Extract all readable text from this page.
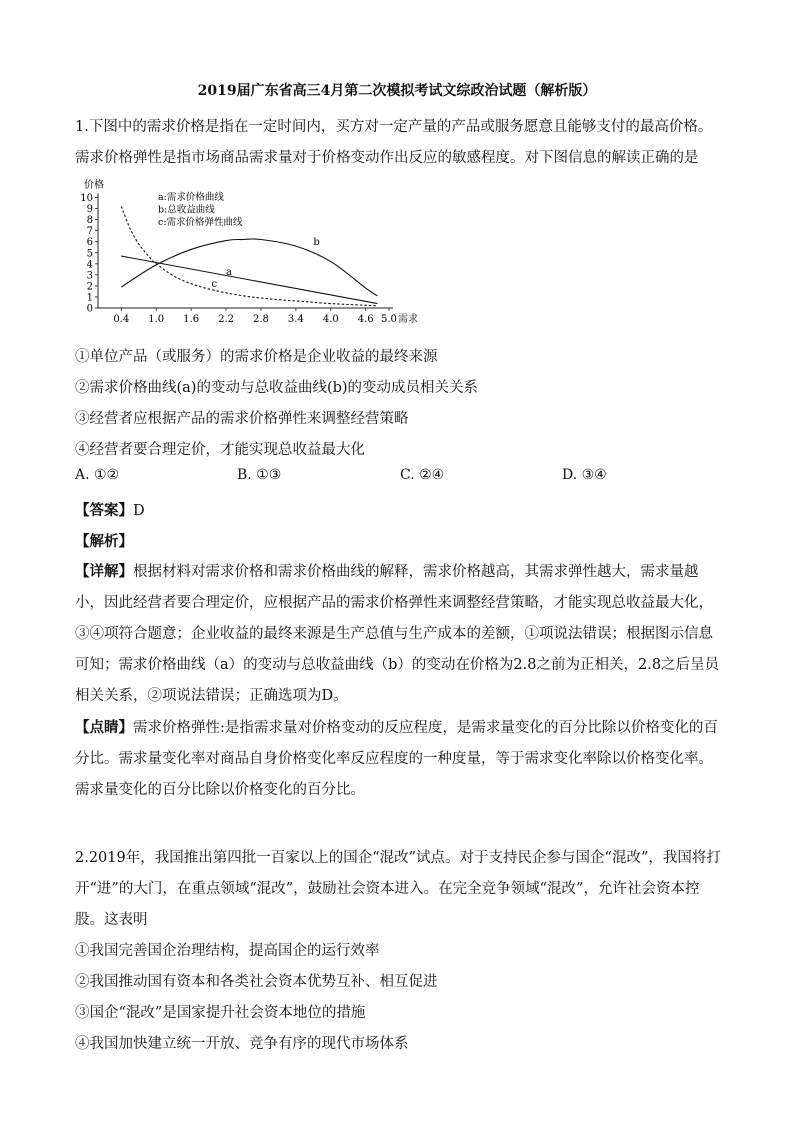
2019届广东省高三4月第二次模拟考试文综政治试题（解析版）
1.下图中的需求价格是指在一定时间内，买方对一定产量的产品或服务愿意且能够支付的最高价格。需求价格弹性是指市场商品需求量对于价格变动作出反应的敏感程度。对下图信息的解读正确的是
价格
0
1
2
3
4
5
6
7
8
9
10
0.4 1.0 1.6 2.2 2.8 3.4 4.0 4.6 5.0 需求
a
b
c
a:需求价格曲线
b:总收益曲线
c:需求价格弹性曲线
①单位产品（或服务）的需求价格是企业收益的最终来源
②需求价格曲线(a)的变动与总收益曲线(b)的变动成员相关关系
③经营者应根据产品的需求价格弹性来调整经营策略
④经营者要合理定价，才能实现总收益最大化
A. ①②	B. ①③	C. ②④	D. ③④
【答案】D
【解析】
【详解】根据材料对需求价格和需求价格曲线的解释，需求价格越高，其需求弹性越大，需求量越小，因此经营者要合理定价，应根据产品的需求价格弹性来调整经营策略，才能实现总收益最大化，③④项符合题意；企业收益的最终来源是生产总值与生产成本的差额，①项说法错误；根据图示信息可知；需求价格曲线（a）的变动与总收益曲线（b）的变动在价格为2.8之前为正相关，2.8之后呈员相关关系，②项说法错误；正确选项为D。
【点睛】需求价格弹性:是指需求量对价格变动的反应程度，是需求量变化的百分比除以价格变化的百分比。需求量变化率对商品自身价格变化率反应程度的一种度量，等于需求变化率除以价格变化率。需求量变化的百分比除以价格变化的百分比。
2.2019年，我国推出第四批一百家以上的国企“混改”试点。对于支持民企参与国企“混改”，我国将打开“进”的大门，在重点领域“混改”，鼓励社会资本进入。在完全竞争领域“混改”，允许社会资本控股。这表明
①我国完善国企治理结构，提高国企的运行效率
②我国推动国有资本和各类社会资本优势互补、相互促进
③国企“混改”是国家提升社会资本地位的措施
④我国加快建立统一开放、竞争有序的现代市场体系
